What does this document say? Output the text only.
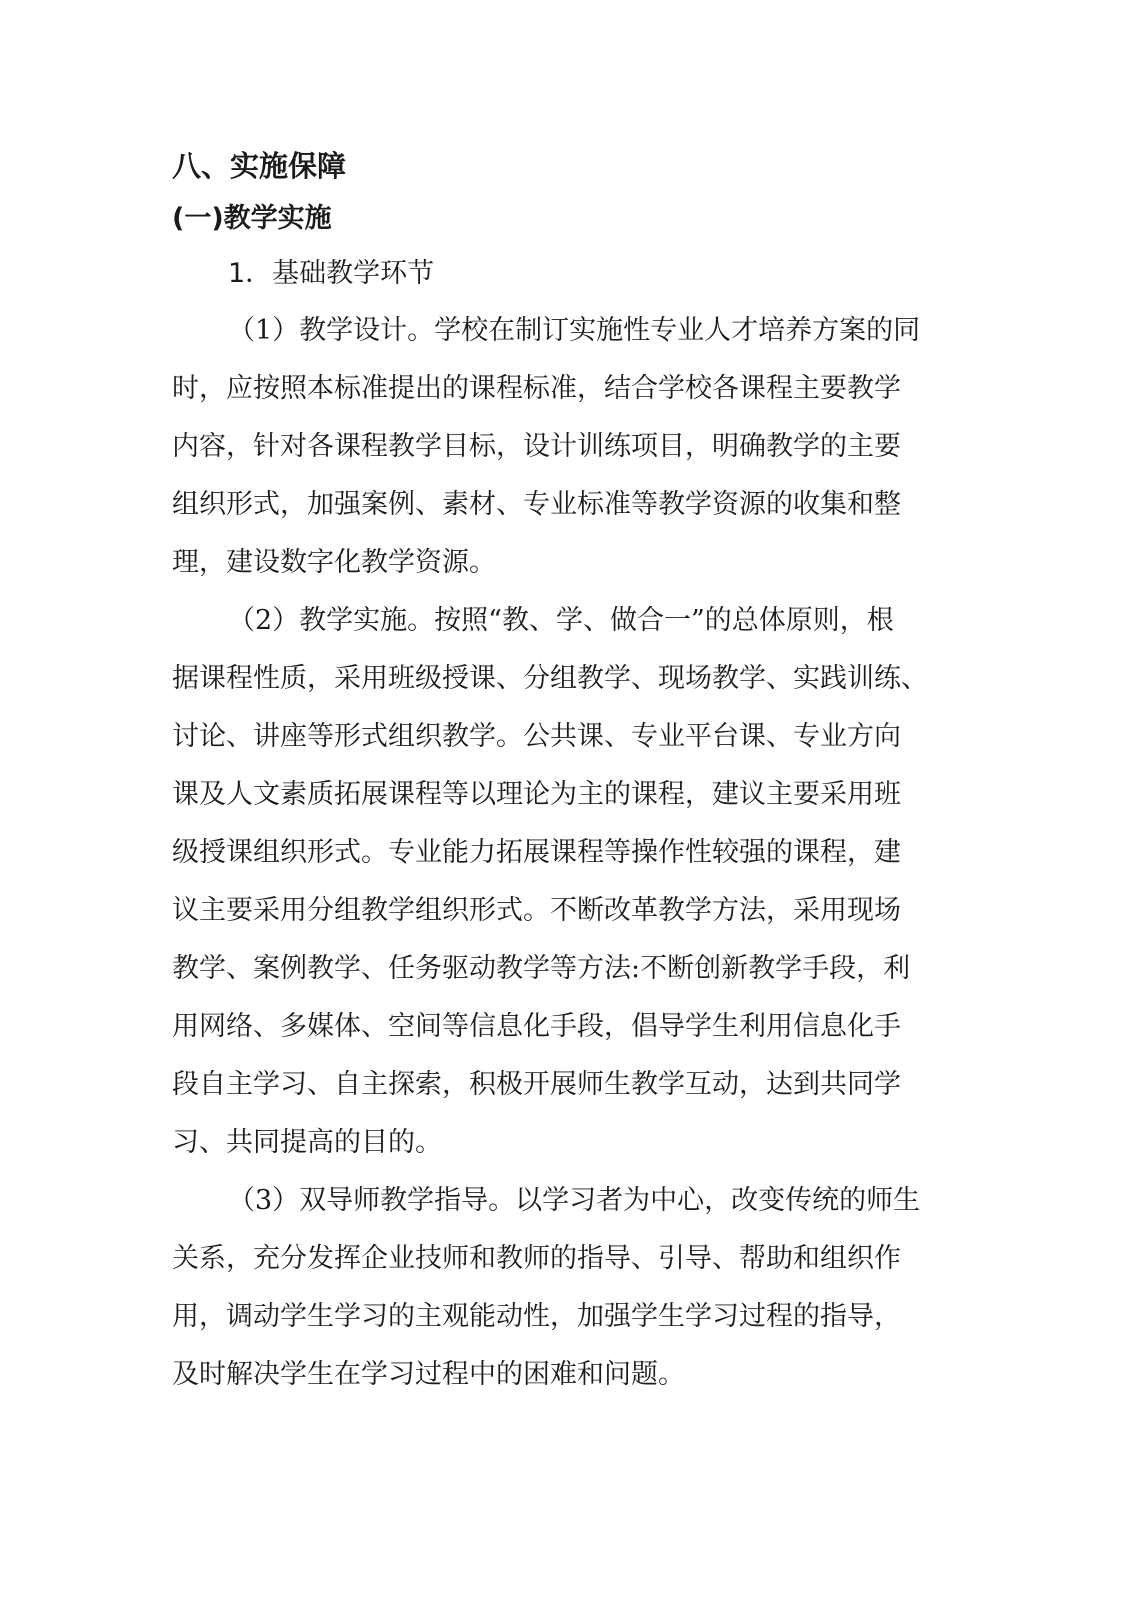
八、实施保障
(一)教学实施
1．基础教学环节
（1）教学设计。学校在制订实施性专业人才培养方案的同
时，应按照本标准提出的课程标准，结合学校各课程主要教学
内容，针对各课程教学目标，设计训练项目，明确教学的主要
组织形式，加强案例、素材、专业标准等教学资源的收集和整
理，建设数字化教学资源。
（2）教学实施。按照“教、学、做合一”的总体原则，根
据课程性质，采用班级授课、分组教学、现场教学、实践训练、
讨论、讲座等形式组织教学。公共课、专业平台课、专业方向
课及人文素质拓展课程等以理论为主的课程，建议主要采用班
级授课组织形式。专业能力拓展课程等操作性较强的课程，建
议主要采用分组教学组织形式。不断改革教学方法，采用现场
教学、案例教学、任务驱动教学等方法:不断创新教学手段，利
用网络、多媒体、空间等信息化手段，倡导学生利用信息化手
段自主学习、自主探索，积极开展师生教学互动，达到共同学
习、共同提高的目的。
（3）双导师教学指导。以学习者为中心，改变传统的师生
关系，充分发挥企业技师和教师的指导、引导、帮助和组织作
用，调动学生学习的主观能动性，加强学生学习过程的指导，
及时解决学生在学习过程中的困难和问题。
